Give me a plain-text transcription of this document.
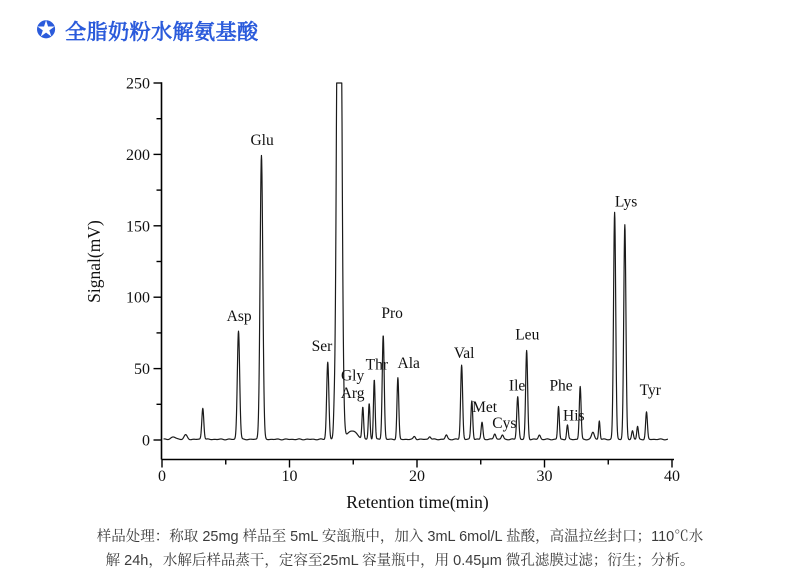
✪ 全脂奶粉水解氨基酸
0
50
100
150
200
250
0	10	20	30	40
Signal(mV)
Retention time(min)
Asp
Glu
Ser
Gly
Arg
Thr
Pro
Ala
Val
Met
Cys
Ile
Leu
Phe
His
Lys
Tyr
样品处理：称取 25mg 样品至 5mL 安瓿瓶中，加入 3mL 6mol/L 盐酸，高温拉丝封口；110℃水
解 24h，水解后样品蒸干，定容至25mL 容量瓶中，用 0.45μm 微孔滤膜过滤；衍生；分析。
